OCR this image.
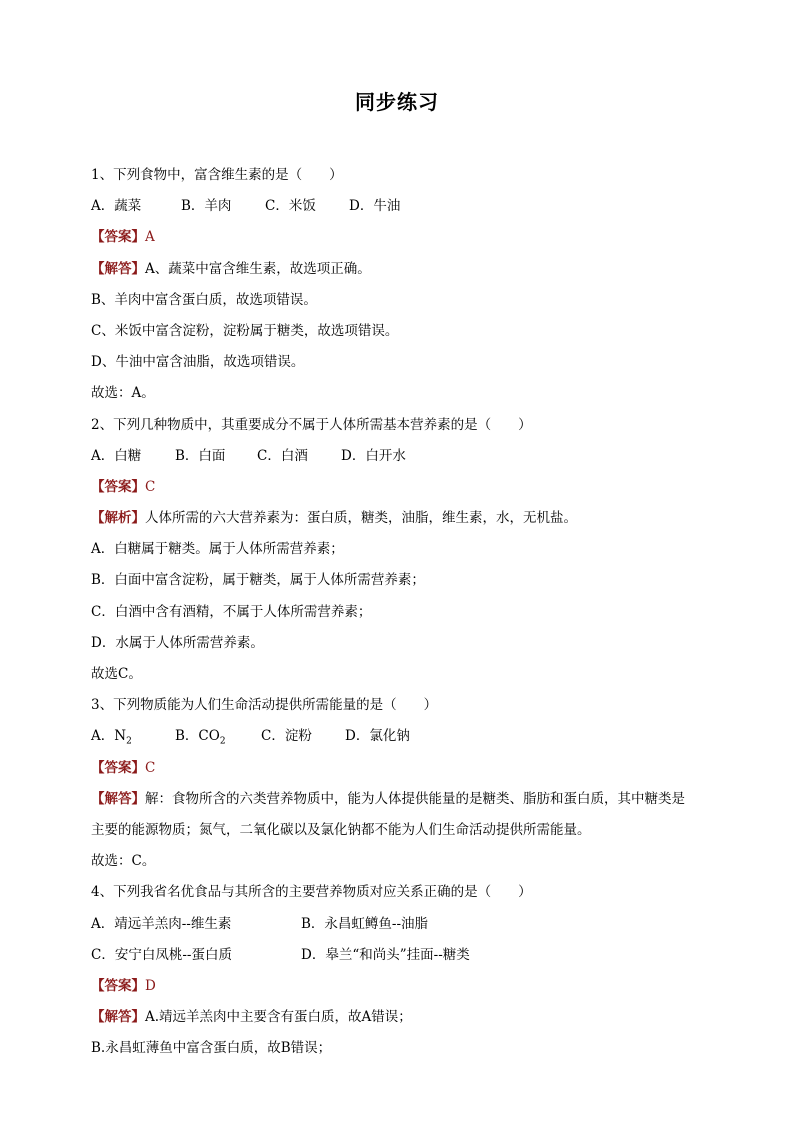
同步练习
1、下列食物中，富含维生素的是（　　）
A．蔬菜	B．羊肉	C．米饭	D．牛油
【答案】A
【解答】A、蔬菜中富含维生素，故选项正确。
B、羊肉中富含蛋白质，故选项错误。
C、米饭中富含淀粉，淀粉属于糖类，故选项错误。
D、牛油中富含油脂，故选项错误。
故选：A。
2、下列几种物质中，其重要成分不属于人体所需基本营养素的是（　　）
A．白糖	B．白面	C．白酒	D．白开水
【答案】C
【解析】人体所需的六大营养素为：蛋白质，糖类，油脂，维生素，水，无机盐。
A．白糖属于糖类。属于人体所需营养素；
B．白面中富含淀粉，属于糖类，属于人体所需营养素；
C．白酒中含有酒精，不属于人体所需营养素；
D．水属于人体所需营养素。
故选C。
3、下列物质能为人们生命活动提供所需能量的是（　　）
A．$N_2$	B．$CO_2$	C．淀粉	D．氯化钠
【答案】C
【解答】解：食物所含的六类营养物质中，能为人体提供能量的是糖类、脂肪和蛋白质，其中糖类是
主要的能源物质；氮气，二氧化碳以及氯化钠都不能为人们生命活动提供所需能量。
故选：C。
4、下列我省名优食品与其所含的主要营养物质对应关系正确的是（　　）
A．靖远羊羔肉--维生素	B．永昌虹鳟鱼--油脂
C．安宁白凤桃--蛋白质	D．皋兰“和尚头”挂面--糖类
【答案】D
【解答】A.靖远羊羔肉中主要含有蛋白质，故A错误；
B.永昌虹薄鱼中富含蛋白质，故B错误；
